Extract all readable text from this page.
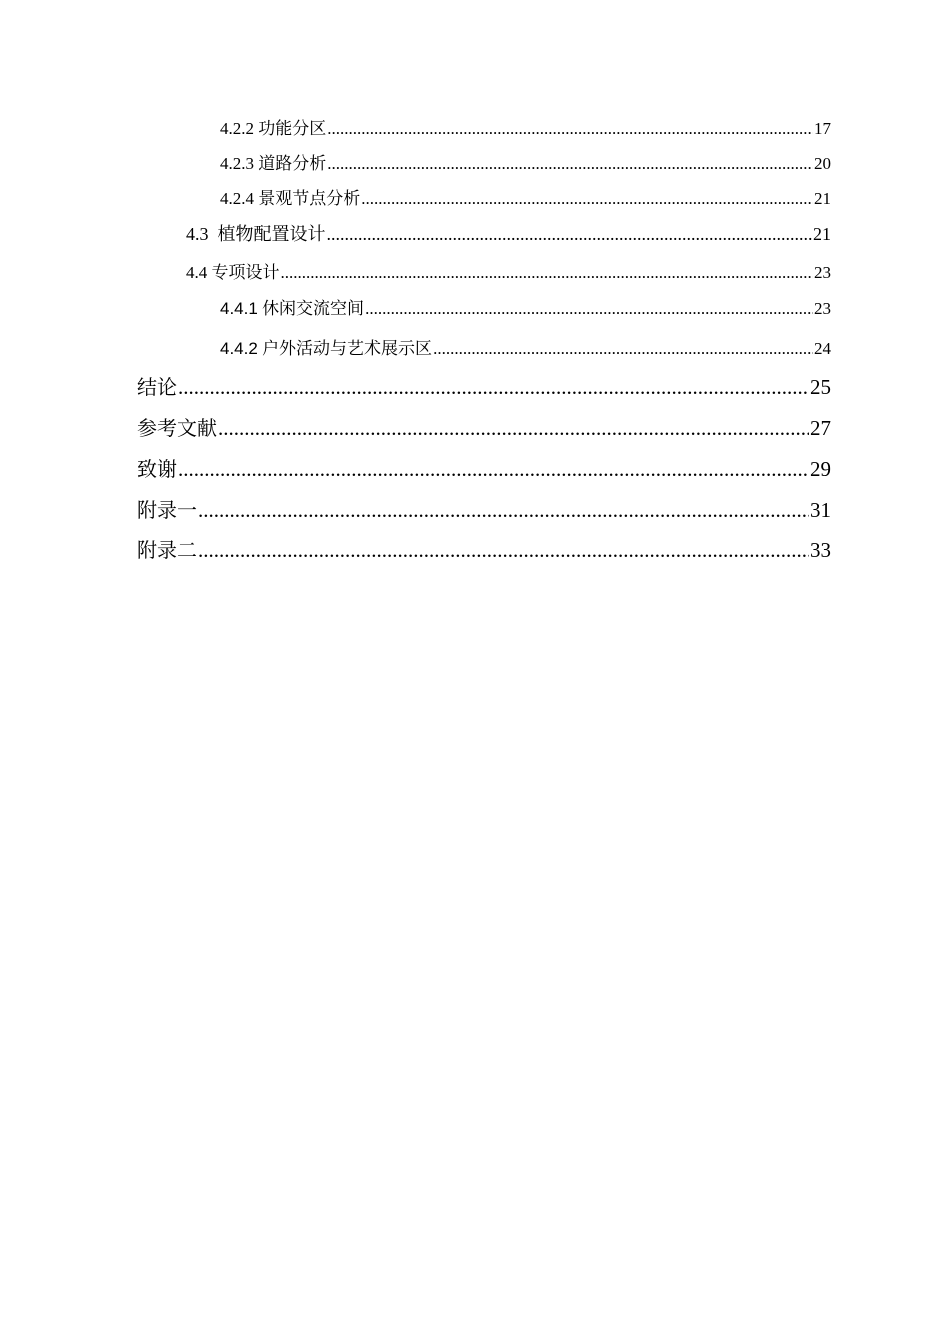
4.2.2 功能分区 .....	17
4.2.3 道路分析 .....	20
4.2.4 景观节点分析 .....	21
4.3 植物配置设计 .....	21
4.4 专项设计 .....	23
4.4.1 休闲交流空间 .....	23
4.4.2 户外活动与艺术展示区 .....	24
结论 .....	25
参考文献 .....	27
致谢 .....	29
附录一 .....	31
附录二 .....	33
